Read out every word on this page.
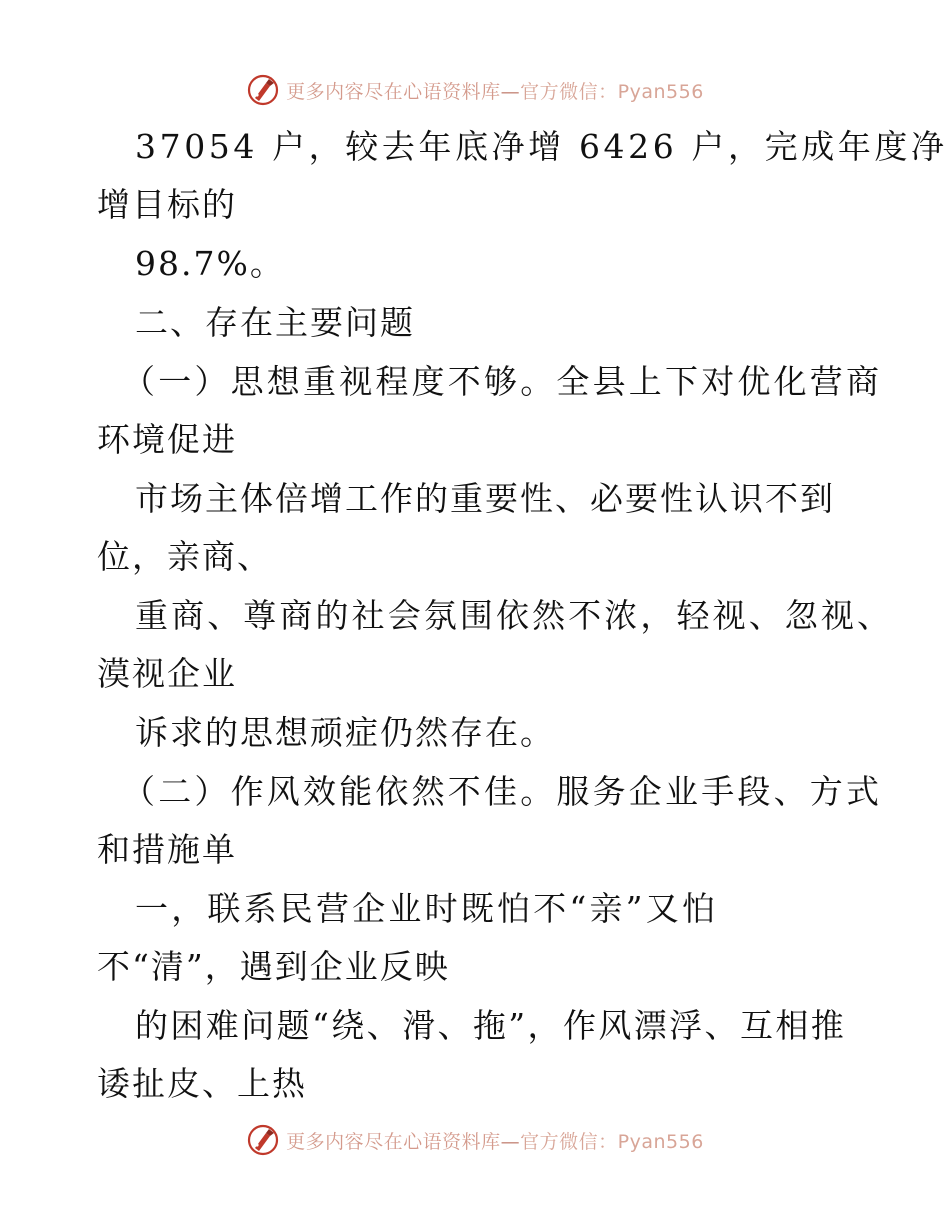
更多内容尽在心语资料库—官方微信：Pyan556
37054 户，较去年底净增 6426 户，完成年度净
增目标的
98.7%。
二、存在主要问题
（一）思想重视程度不够。全县上下对优化营商
环境促进
市场主体倍增工作的重要性、必要性认识不到
位，亲商、
重商、尊商的社会氛围依然不浓，轻视、忽视、
漠视企业
诉求的思想顽症仍然存在。
（二）作风效能依然不佳。服务企业手段、方式
和措施单
一，联系民营企业时既怕不“亲”又怕
不“清”，遇到企业反映
的困难问题“绕、滑、拖”，作风漂浮、互相推
诿扯皮、上热
更多内容尽在心语资料库—官方微信：Pyan556
